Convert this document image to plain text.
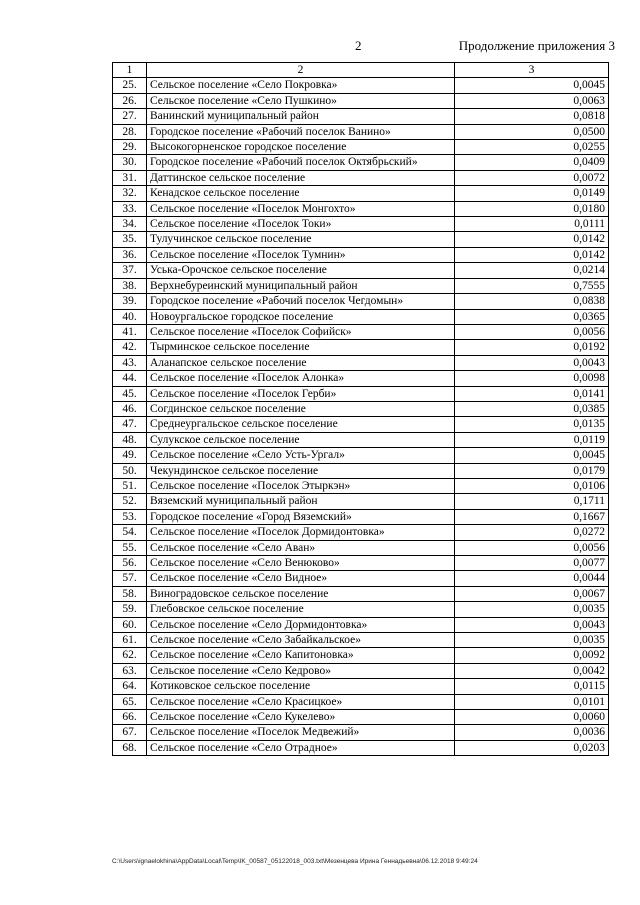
2	Продолжение приложения 3
1	2	3
25.	Сельское поселение «Село Покровка»	0,0045
26.	Сельское поселение «Село Пушкино»	0,0063
27.	Ванинский муниципальный район	0,0818
28.	Городское поселение «Рабочий поселок Ванино»	0,0500
29.	Высокогорненское городское поселение	0,0255
30.	Городское поселение «Рабочий поселок Октябрьский»	0,0409
31.	Даттинское сельское поселение	0,0072
32.	Кенадское сельское поселение	0,0149
33.	Сельское поселение «Поселок Монгохто»	0,0180
34.	Сельское поселение «Поселок Токи»	0,0111
35.	Тулучинское сельское поселение	0,0142
36.	Сельское поселение «Поселок Тумнин»	0,0142
37.	Уська-Орочское сельское поселение	0,0214
38.	Верхнебуреинский муниципальный район	0,7555
39.	Городское поселение «Рабочий поселок Чегдомын»	0,0838
40.	Новоургальское городское поселение	0,0365
41.	Сельское поселение «Поселок Софийск»	0,0056
42.	Тырминское сельское поселение	0,0192
43.	Аланапское сельское поселение	0,0043
44.	Сельское поселение «Поселок Алонка»	0,0098
45.	Сельское поселение «Поселок Герби»	0,0141
46.	Согдинское сельское поселение	0,0385
47.	Среднеургальское сельское поселение	0,0135
48.	Сулукское сельское поселение	0,0119
49.	Сельское поселение «Село Усть-Ургал»	0,0045
50.	Чекундинское сельское поселение	0,0179
51.	Сельское поселение «Поселок Этыркэн»	0,0106
52.	Вяземский муниципальный район	0,1711
53.	Городское поселение «Город Вяземский»	0,1667
54.	Сельское поселение «Поселок Дормидонтовка»	0,0272
55.	Сельское поселение «Село Аван»	0,0056
56.	Сельское поселение «Село Венюково»	0,0077
57.	Сельское поселение «Село Видное»	0,0044
58.	Виноградовское сельское поселение	0,0067
59.	Глебовское сельское поселение	0,0035
60.	Сельское поселение «Село Дормидонтовка»	0,0043
61.	Сельское поселение «Село Забайкальское»	0,0035
62.	Сельское поселение «Село Капитоновка»	0,0092
63.	Сельское поселение «Село Кедрово»	0,0042
64.	Котиковское сельское поселение	0,0115
65.	Сельское поселение «Село Красицкое»	0,0101
66.	Сельское поселение «Село Кукелево»	0,0060
67.	Сельское поселение «Поселок Медвежий»	0,0036
68.	Сельское поселение «Село Отрадное»	0,0203
C:\Users\ignaelokhina\AppData\Local\Temp\IK_00587_05122018_003.txt\Мезенцева Ирина Геннадьевна\06.12.2018 9:49:24
